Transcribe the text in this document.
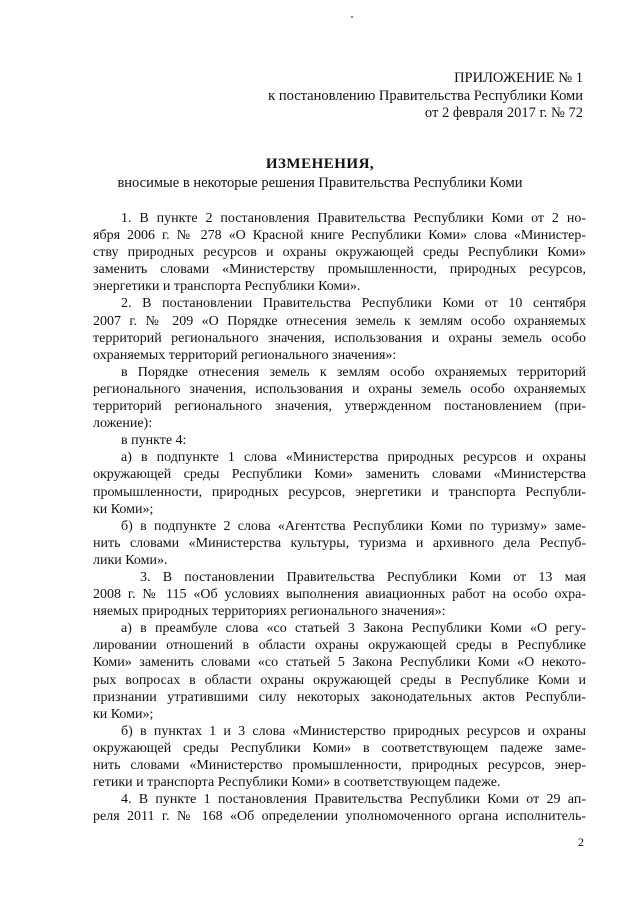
ПРИЛОЖЕНИЕ № 1
к постановлению Правительства Республики Коми
от 2 февраля 2017 г. № 72
ИЗМЕНЕНИЯ,
вносимые в некоторые решения Правительства Республики Коми
1. В пункте 2 постановления Правительства Республики Коми от 2 но-
ября 2006 г. № 278 «О Красной книге Республики Коми» слова «Министер-
ству природных ресурсов и охраны окружающей среды Республики Коми»
заменить словами «Министерству промышленности, природных ресурсов,
энергетики и транспорта Республики Коми».
2. В постановлении Правительства Республики Коми от 10 сентября
2007 г. № 209 «О Порядке отнесения земель к землям особо охраняемых
территорий регионального значения, использования и охраны земель особо
охраняемых территорий регионального значения»:
в Порядке отнесения земель к землям особо охраняемых территорий
регионального значения, использования и охраны земель особо охраняемых
территорий регионального значения, утвержденном постановлением (при-
ложение):
в пункте 4:
а) в подпункте 1 слова «Министерства природных ресурсов и охраны
окружающей среды Республики Коми» заменить словами «Министерства
промышленности, природных ресурсов, энергетики и транспорта Республи-
ки Коми»;
б) в подпункте 2 слова «Агентства Республики Коми по туризму» заме-
нить словами «Министерства культуры, туризма и архивного дела Респуб-
лики Коми».
3. В постановлении Правительства Республики Коми от 13 мая
2008 г. № 115 «Об условиях выполнения авиационных работ на особо охра-
няемых природных территориях регионального значения»:
а) в преамбуле слова «со статьей 3 Закона Республики Коми «О регу-
лировании отношений в области охраны окружающей среды в Республике
Коми» заменить словами «со статьей 5 Закона Республики Коми «О некото-
рых вопросах в области охраны окружающей среды в Республике Коми и
признании утратившими силу некоторых законодательных актов Республи-
ки Коми»;
б) в пунктах 1 и 3 слова «Министерство природных ресурсов и охраны
окружающей среды Республики Коми» в соответствующем падеже заме-
нить словами «Министерство промышленности, природных ресурсов, энер-
гетики и транспорта Республики Коми» в соответствующем падеже.
4. В пункте 1 постановления Правительства Республики Коми от 29 ап-
реля 2011 г. № 168 «Об определении уполномоченного органа исполнитель-
2
